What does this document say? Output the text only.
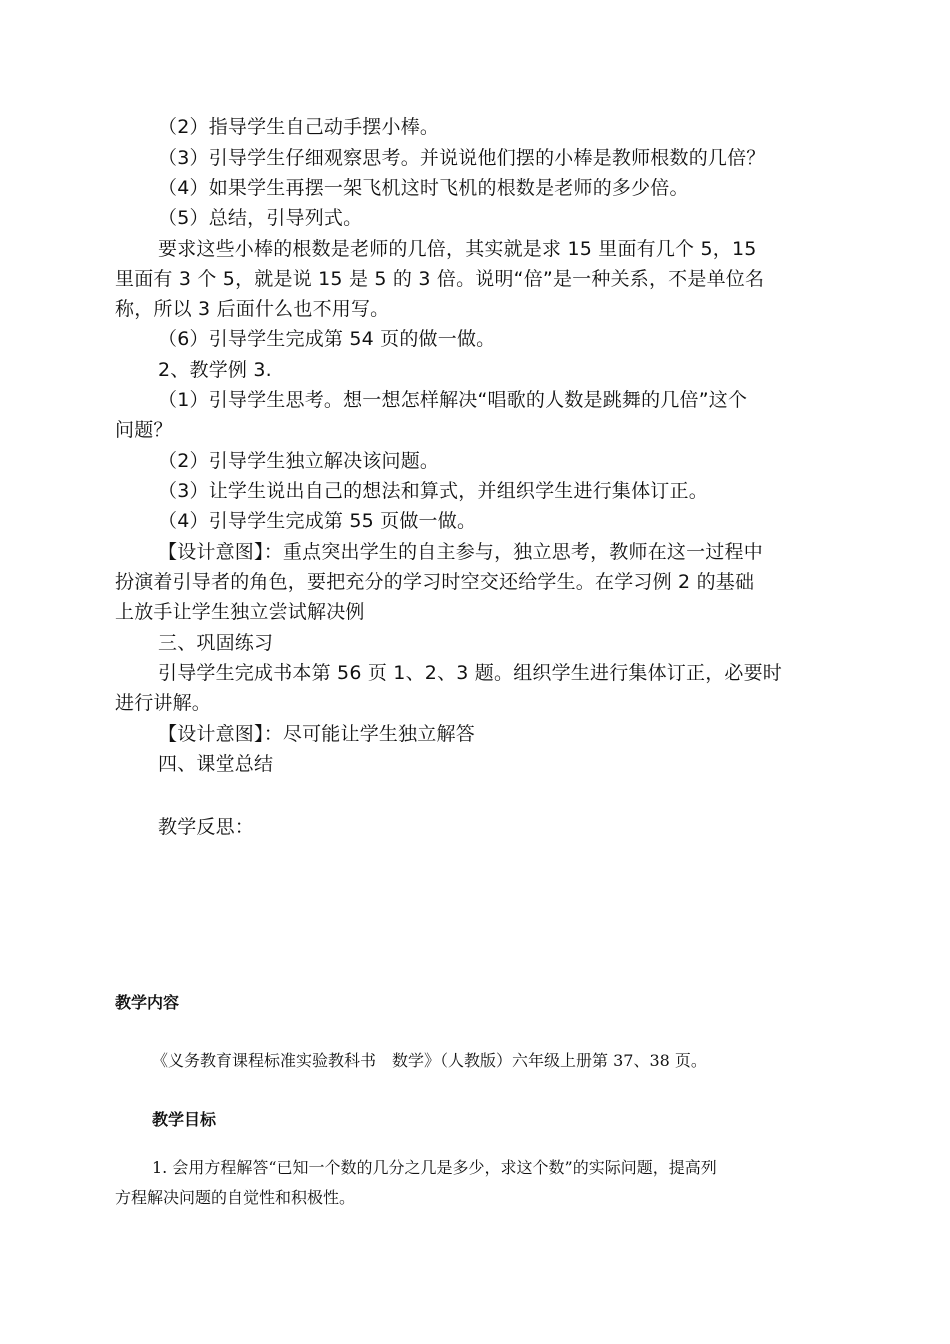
（2）指导学生自己动手摆小棒。
（3）引导学生仔细观察思考。并说说他们摆的小棒是教师根数的几倍？
（4）如果学生再摆一架飞机这时飞机的根数是老师的多少倍。
（5）总结，引导列式。
要求这些小棒的根数是老师的几倍，其实就是求 15 里面有几个 5，15
里面有 3 个 5，就是说 15 是 5 的 3 倍。说明“倍”是一种关系，不是单位名
称，所以 3 后面什么也不用写。
（6）引导学生完成第 54 页的做一做。
2、教学例 3.
（1）引导学生思考。想一想怎样解决“唱歌的人数是跳舞的几倍”这个
问题？
（2）引导学生独立解决该问题。
（3）让学生说出自己的想法和算式，并组织学生进行集体订正。
（4）引导学生完成第 55 页做一做。
【设计意图】：重点突出学生的自主参与，独立思考，教师在这一过程中
扮演着引导者的角色，要把充分的学习时空交还给学生。在学习例 2 的基础
上放手让学生独立尝试解决例
三、巩固练习
引导学生完成书本第 56 页 1、2、3 题。组织学生进行集体订正，必要时
进行讲解。
【设计意图】：尽可能让学生独立解答
四、课堂总结
教学反思：
教学内容
《义务教育课程标准实验教科书　数学》（人教版）六年级上册第 37、38 页。
教学目标
1. 会用方程解答“已知一个数的几分之几是多少，求这个数”的实际问题，提高列
方程解决问题的自觉性和积极性。
